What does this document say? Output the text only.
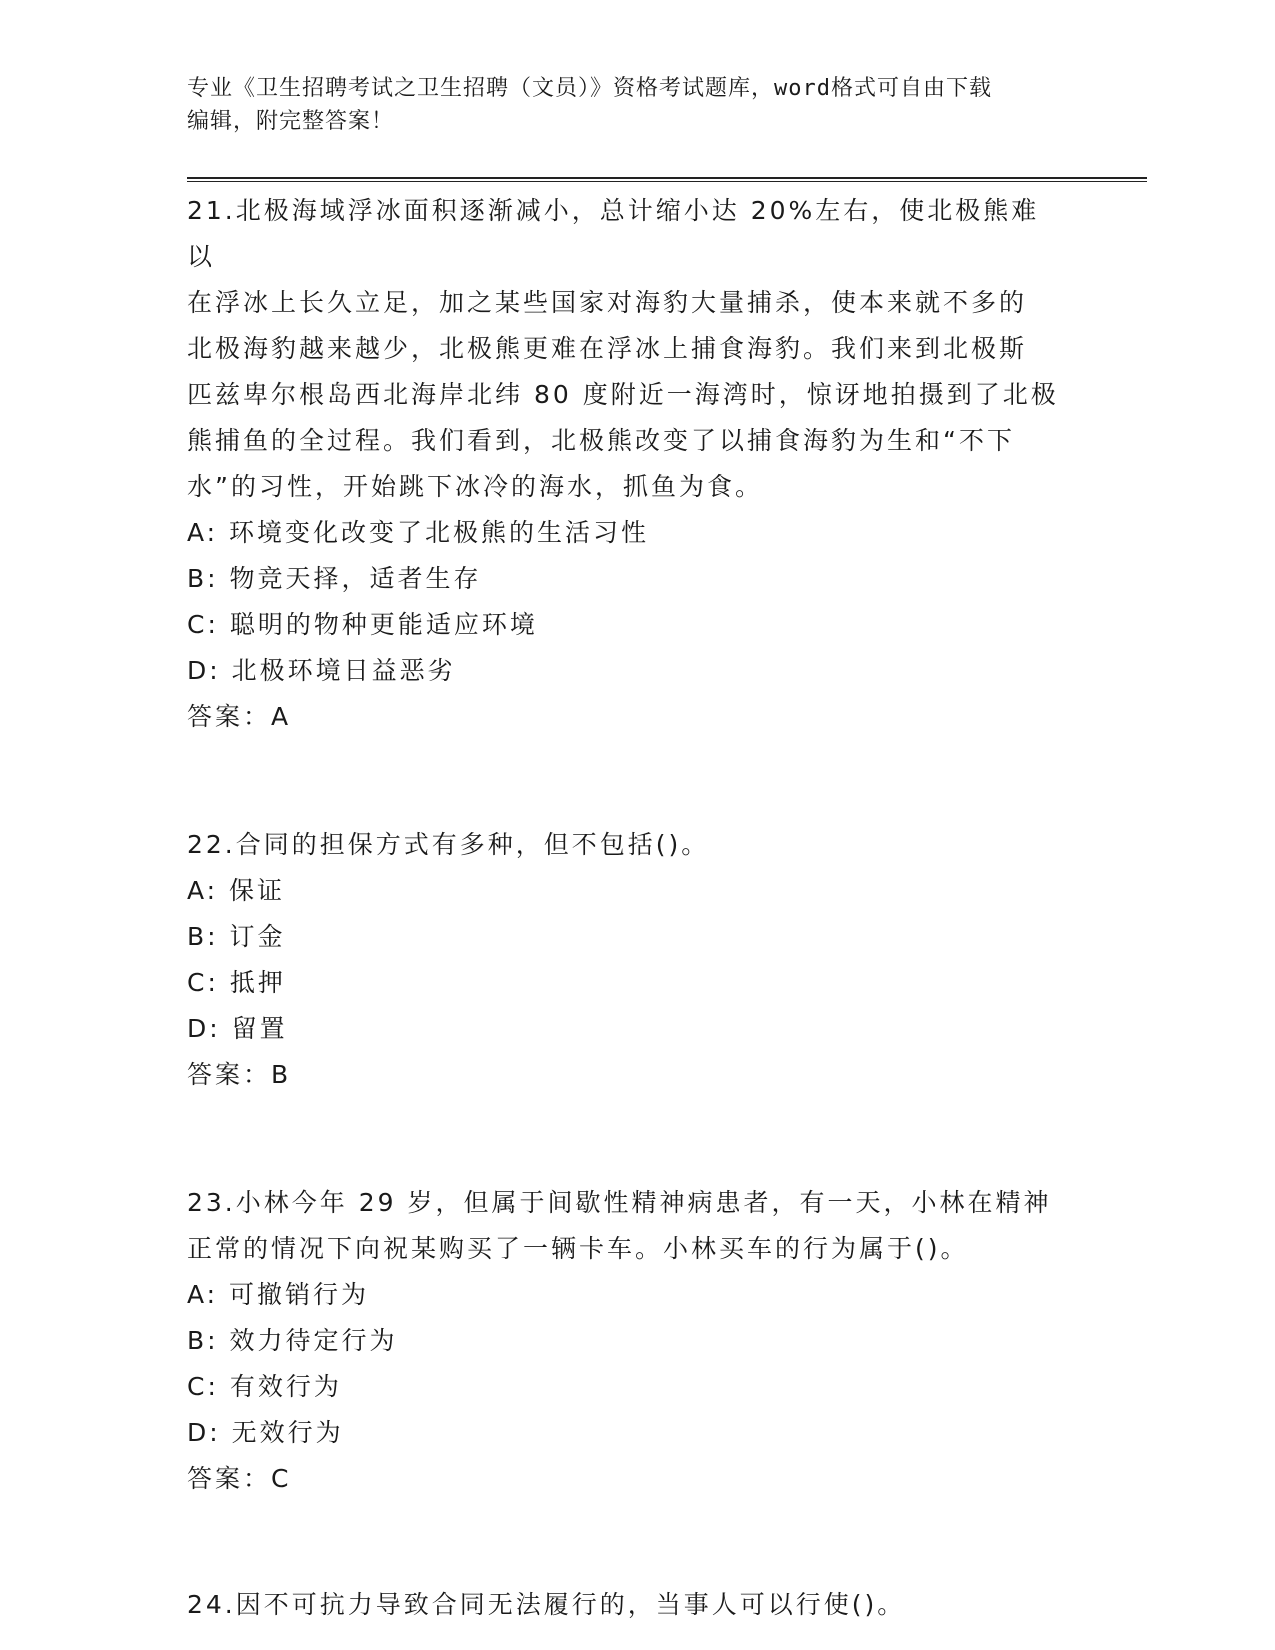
专业《卫生招聘考试之卫生招聘（文员）》资格考试题库，word格式可自由下载
编辑，附完整答案！

21.北极海域浮冰面积逐渐减小，总计缩小达 20%左右，使北极熊难以

在浮冰上长久立足，加之某些国家对海豹大量捕杀，使本来就不多的

北极海豹越来越少，北极熊更难在浮冰上捕食海豹。我们来到北极斯

匹兹卑尔根岛西北海岸北纬 80 度附近一海湾时，惊讶地拍摄到了北极

熊捕鱼的全过程。我们看到，北极熊改变了以捕食海豹为生和“不下

水”的习性，开始跳下冰冷的海水，抓鱼为食。

A: 环境变化改变了北极熊的生活习性

B: 物竞天择，适者生存

C: 聪明的物种更能适应环境

D: 北极环境日益恶劣

答案：A

22.合同的担保方式有多种，但不包括()。

A: 保证

B: 订金

C: 抵押

D: 留置

答案：B

23.小林今年 29 岁，但属于间歇性精神病患者，有一天，小林在精神

正常的情况下向祝某购买了一辆卡车。小林买车的行为属于()。

A: 可撤销行为

B: 效力待定行为

C: 有效行为

D: 无效行为

答案：C

24.因不可抗力导致合同无法履行的，当事人可以行使()。
